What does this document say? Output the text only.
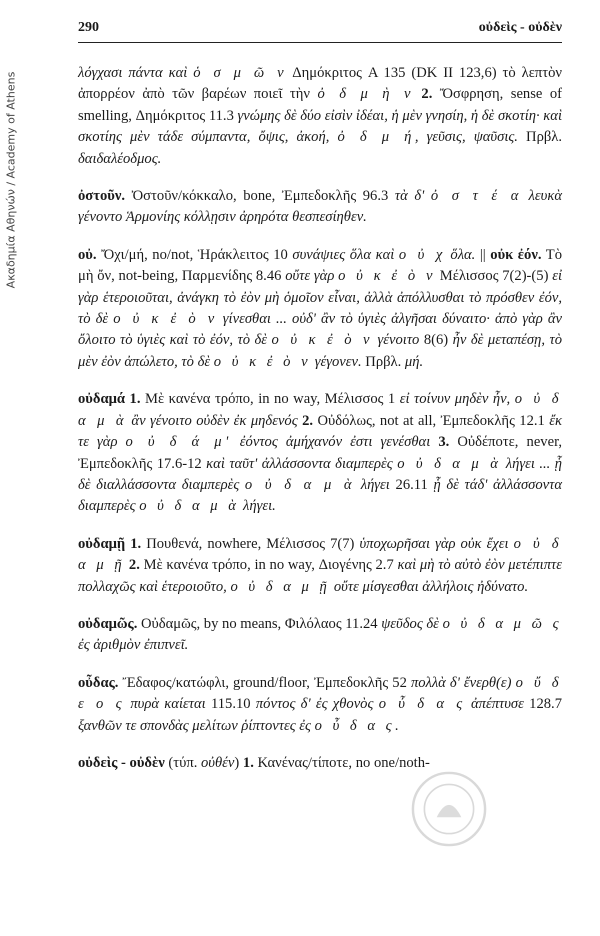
Ακαδημία Αθηνών / Academy of Athens
290	οὐδεὶς - οὐδὲν

λόγχασι πάντα καὶ ὁ σ μ ῶ ν Δημόκριτος A 135 (DK II 123,6) τὸ λεπτὸν ἀπορρέον ἀπὸ τῶν βαρέων ποιεῖ τὴν ὀ δ μ ὴ ν 2. Ὄσφρηση, sense of smelling, Δημόκριτος 11.3 γνώμης δὲ δύο εἰσὶν ἰδέαι, ἡ μὲν γνησίη, ἡ δὲ σκοτίη· καὶ σκοτίης μὲν τάδε σύμπαντα, ὄψις, ἀκοή, ὀ δ μ ή, γεῦσις, ψαῦσις. Πρβλ. δαιδαλέοδμος.

ὀστοῦν. Ὀστοῦν/κόκκαλο, bone, Ἐμπεδοκλῆς 96.3 τὰ δ' ὀ σ τ έ α λευκὰ γένοντο Ἁρμονίης κόλλῃσιν ἀρηρότα θεσπεσίηθεν.

οὐ. Ὄχι/μή, no/not, Ἡράκλειτος 10 συνάψιες ὅλα καὶ ο ὐ χ ὅλα. || οὐκ ἐόν. Τὸ μὴ ὄν, not-being, Παρμενίδης 8.46 οὔτε γὰρ ο ὐ κ ἐ ὸ ν Μέλισσος 7(2)-(5) εἰ γὰρ ἑτεροιοῦται, ἀνάγκη τὸ ἐὸν μὴ ὁμοῖον εἶναι, ἀλλὰ ἀπόλλυσθαι τὸ πρόσθεν ἐόν, τὸ δὲ ο ὐ κ ἐ ὸ ν γίνεσθαι ... οὐδ' ἂν τὸ ὑγιὲς ἀλγῆσαι δύναιτο· ἀπὸ γὰρ ἂν ὄλοιτο τὸ ὑγιὲς καὶ τὸ ἐόν, τὸ δὲ ο ὐ κ ἐ ὸ ν γένοιτο 8(6) ἦν δὲ μεταπέσῃ, τὸ μὲν ἐὸν ἀπώλετο, τὸ δὲ ο ὐ κ ἐ ὸ ν γέγονεν. Πρβλ. μή.

οὐδαμά 1. Μὲ κανένα τρόπο, in no way, Μέλισσος 1 εἰ τοίνυν μηδὲν ἦν, ο ὐ δ α μ ὰ ἂν γένοιτο οὐδὲν ἐκ μηδενός 2. Οὐδόλως, not at all, Ἐμπεδοκλῆς 12.1 ἔκ τε γὰρ ο ὐ δ ά μ' ἐόντος ἀμήχανόν ἐστι γενέσθαι 3. Οὐδέποτε, never, Ἐμπεδοκλῆς 17.6-12 καὶ ταῦτ' ἀλλάσσοντα διαμπερὲς ο ὐ δ α μ ὰ λήγει ... ᾗ δὲ διαλλάσσοντα διαμπερὲς ο ὐ δ α μ ὰ λήγει 26.11 ᾗ δὲ τάδ' ἀλλάσσοντα διαμπερὲς ο ὐ δ α μ ὰ λήγει.

οὐδαμῇ 1. Πουθενά, nowhere, Μέλισσος 7(7) ὑποχωρῆσαι γὰρ οὐκ ἔχει ο ὐ δ α μ ῇ 2. Μὲ κανένα τρόπο, in no way, Διογένης 2.7 καὶ μὴ τὸ αὐτὸ ἐὸν μετέπιπτε πολλαχῶς καὶ ἑτεροιοῦτο, ο ὐ δ α μ ῇ οὔτε μίσγεσθαι ἀλλήλοις ἠδύνατο.

οὐδαμῶς. Οὐδαμῶς, by no means, Φιλόλαος 11.24 ψεῦδος δὲ ο ὐ δ α μ ῶ ς ἐς ἀριθμὸν ἐπιπνεῖ.

οὖδας. Ἔδαφος/κατώφλι, ground/floor, Ἐμπεδοκλῆς 52 πολλὰ δ' ἔνερθ(ε) ο ὔ δ ε ο ς πυρὰ καίεται 115.10 πόντος δ' ἐς χθονὸς ο ὖ δ α ς ἀπέπτυσε 128.7 ξανθῶν τε σπονδὰς μελίτων ῥίπτοντες ἐς ο ὖ δ α ς.

οὐδεὶς - οὐδὲν (τύπ. οὐθέν) 1. Κανένας/τίποτε, no one/noth-
